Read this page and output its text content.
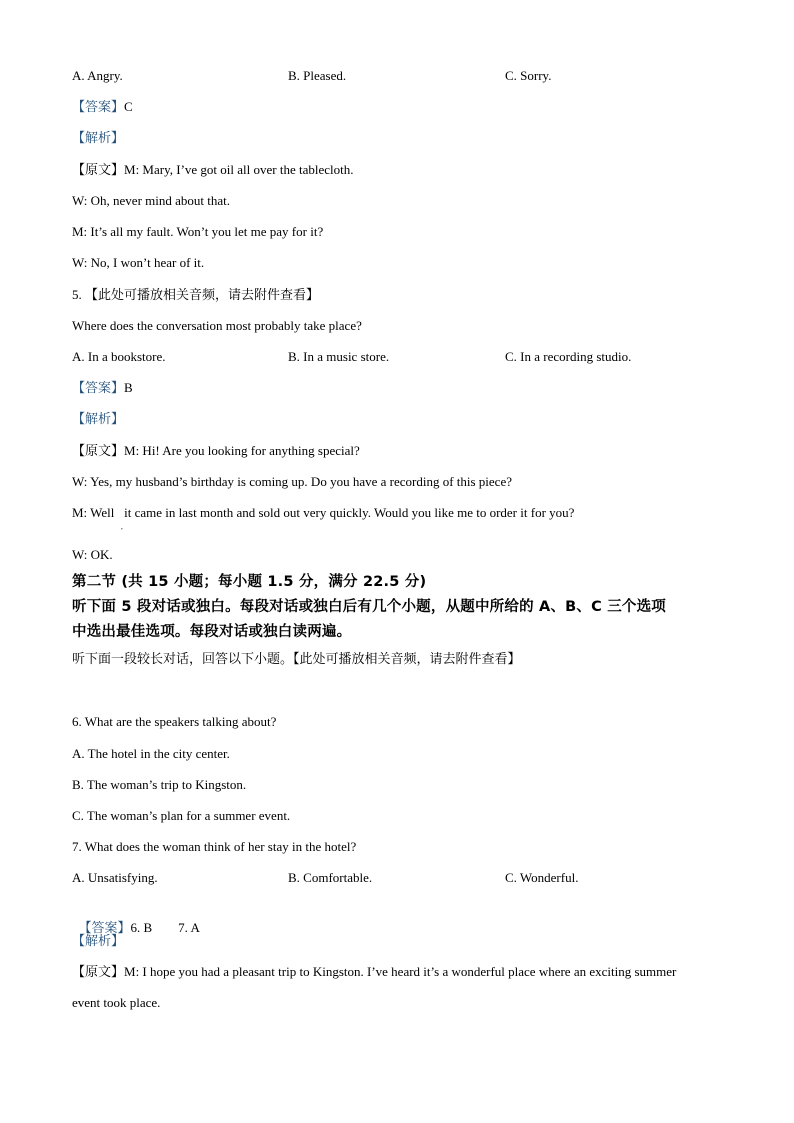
A. Angry.	B. Pleased.	C. Sorry.
【答案】C
【解析】
【原文】M: Mary, I’ve got oil all over the tablecloth.
W: Oh, never mind about that.
M: It’s all my fault. Won’t you let me pay for it?
W: No, I won’t hear of it.
5. 【此处可播放相关音频，请去附件查看】
Where does the conversation most probably take place?
A. In a bookstore.	B. In a music store.	C. In a recording studio.
【答案】B
【解析】
【原文】M: Hi! Are you looking for anything special?
W: Yes, my husband’s birthday is coming up. Do you have a recording of this piece?
M: Well   it came in last month and sold out very quickly. Would you like me to order it for you?
,
W: OK.
第二节 (共 15 小题；每小题 1.5 分，满分 22.5 分)
听下面 5 段对话或独白。每段对话或独白后有几个小题，从题中所给的 A、B、C 三个选项
中选出最佳选项。每段对话或独白读两遍。
听下面一段较长对话，回答以下小题。【此处可播放相关音频，请去附件查看】
6. What are the speakers talking about?
A. The hotel in the city center.
B. The woman’s trip to Kingston.
C. The woman’s plan for a summer event.
7. What does the woman think of her stay in the hotel?
A. Unsatisfying.	B. Comfortable.	C. Wonderful.

【答案】6. B        7. A

【解析】
【原文】M: I hope you had a pleasant trip to Kingston. I’ve heard it’s a wonderful place where an exciting summer
event took place.
